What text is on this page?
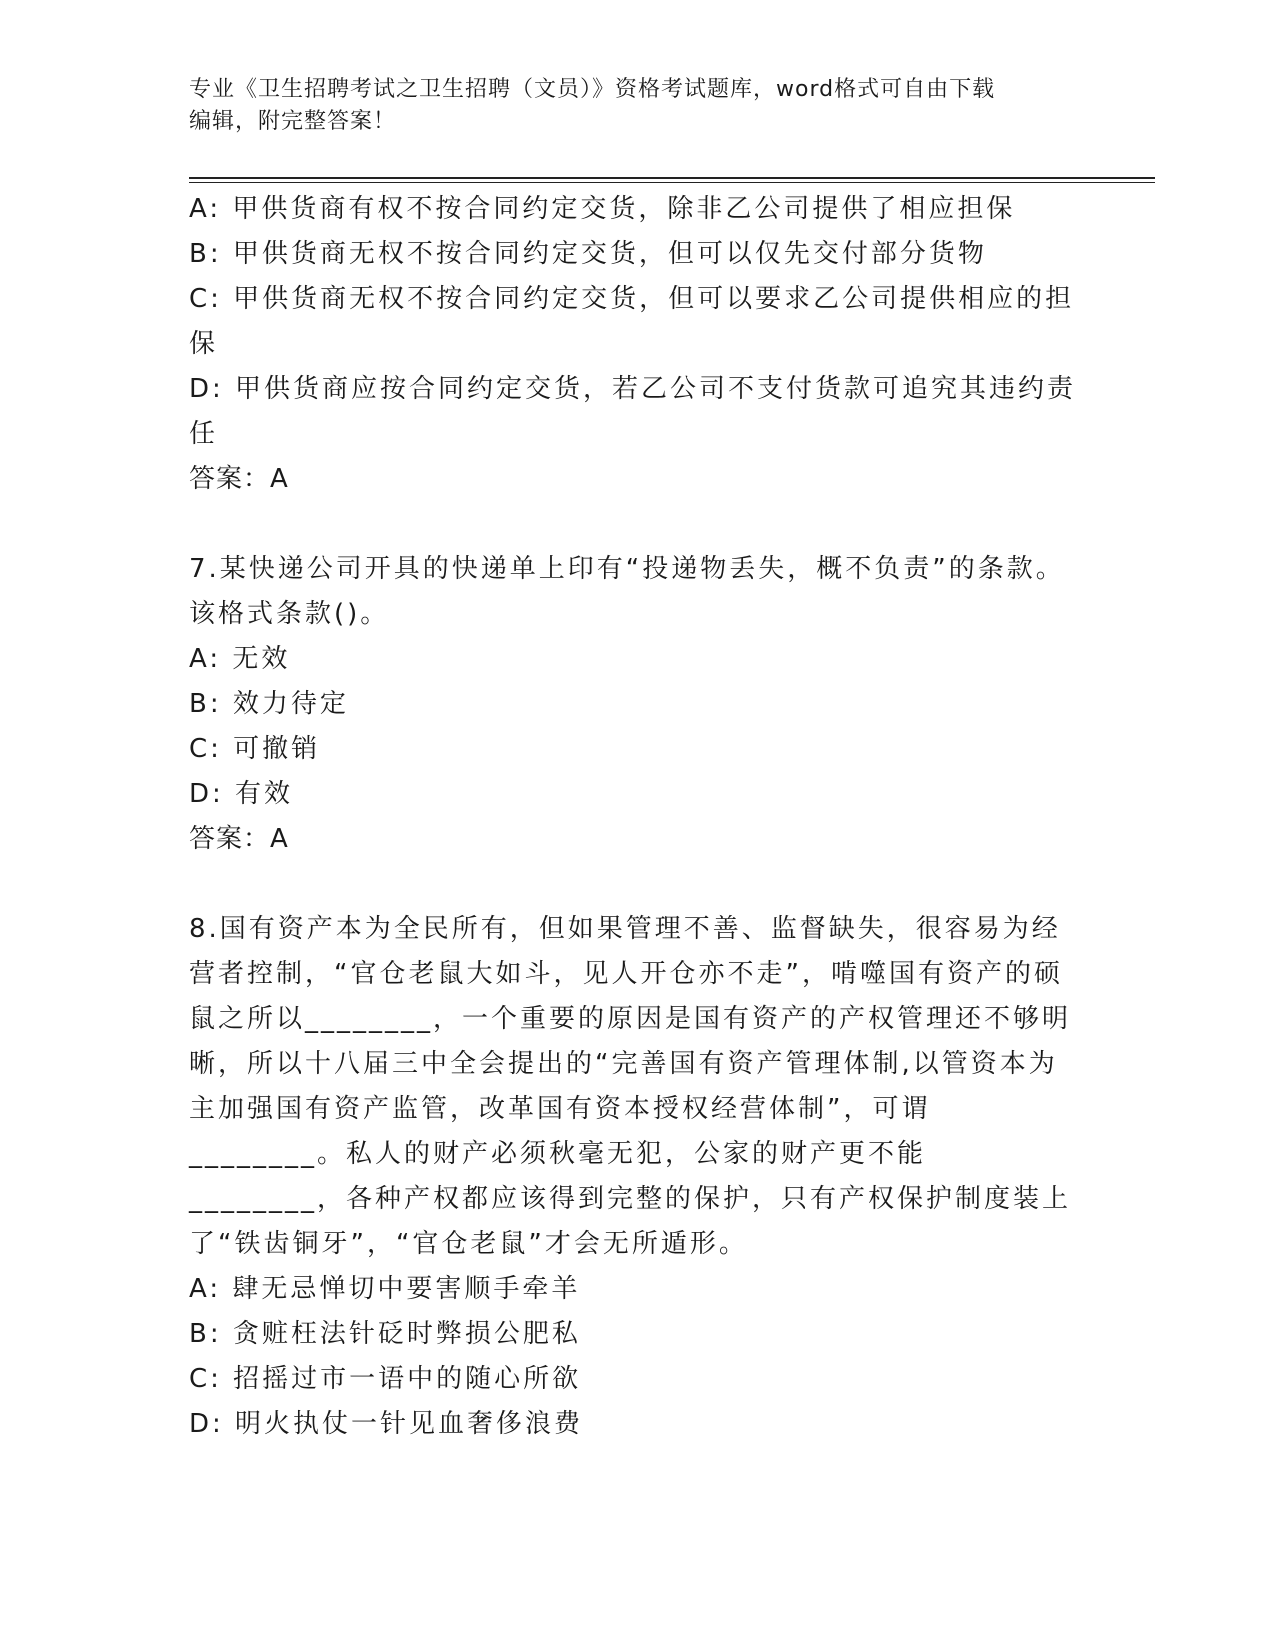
专业《卫生招聘考试之卫生招聘（文员）》资格考试题库，word格式可自由下载
编辑，附完整答案！

A: 甲供货商有权不按合同约定交货，除非乙公司提供了相应担保

B: 甲供货商无权不按合同约定交货，但可以仅先交付部分货物

C: 甲供货商无权不按合同约定交货，但可以要求乙公司提供相应的担保

D: 甲供货商应按合同约定交货，若乙公司不支付货款可追究其违约责任

答案：A

7.某快递公司开具的快递单上印有“投递物丢失，概不负责”的条款。该格式条款()。

A: 无效

B: 效力待定

C: 可撤销

D: 有效

答案：A

8.国有资产本为全民所有，但如果管理不善、监督缺失，很容易为经营者控制，“官仓老鼠大如斗，见人开仓亦不走”，啃噬国有资产的硕鼠之所以________，一个重要的原因是国有资产的产权管理还不够明晰，所以十八届三中全会提出的“完善国有资产管理体制,以管资本为主加强国有资产监管，改革国有资本授权经营体制”，可谓________。私人的财产必须秋毫无犯，公家的财产更不能________，各种产权都应该得到完整的保护，只有产权保护制度装上了“铁齿铜牙”，“官仓老鼠”才会无所遁形。

A: 肆无忌惮切中要害顺手牵羊

B: 贪赃枉法针砭时弊损公肥私

C: 招摇过市一语中的随心所欲

D: 明火执仗一针见血奢侈浪费
